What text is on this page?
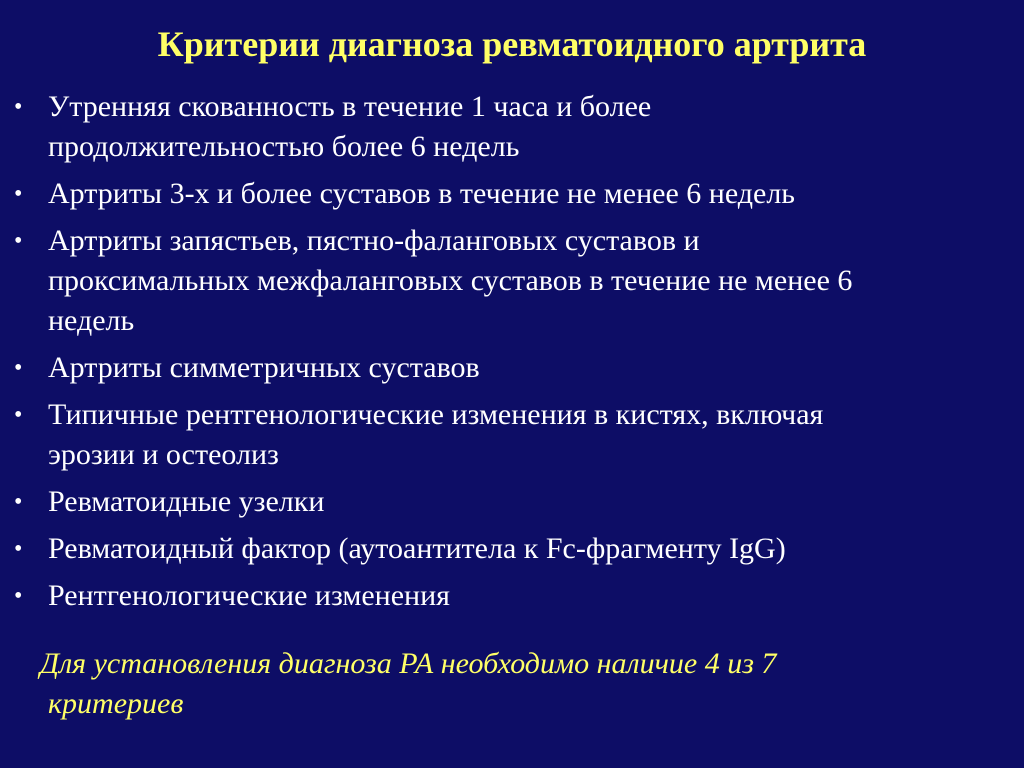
Критерии диагноза ревматоидного артрита
• Утренняя скованность в течение 1 часа и более
продолжительностью более 6 недель
• Артриты 3-х и более суставов в течение не менее 6 недель
• Артриты запястьев, пястно-фаланговых суставов и
проксимальных межфаланговых суставов в течение не менее 6
недель
• Артриты симметричных суставов
• Типичные рентгенологические изменения в кистях, включая
эрозии и остеолиз
• Ревматоидные узелки
• Ревматоидный фактор (аутоантитела к Fc-фрагменту IgG)
• Рентгенологические изменения

Для установления диагноза РА необходимо наличие 4 из 7
критериев
